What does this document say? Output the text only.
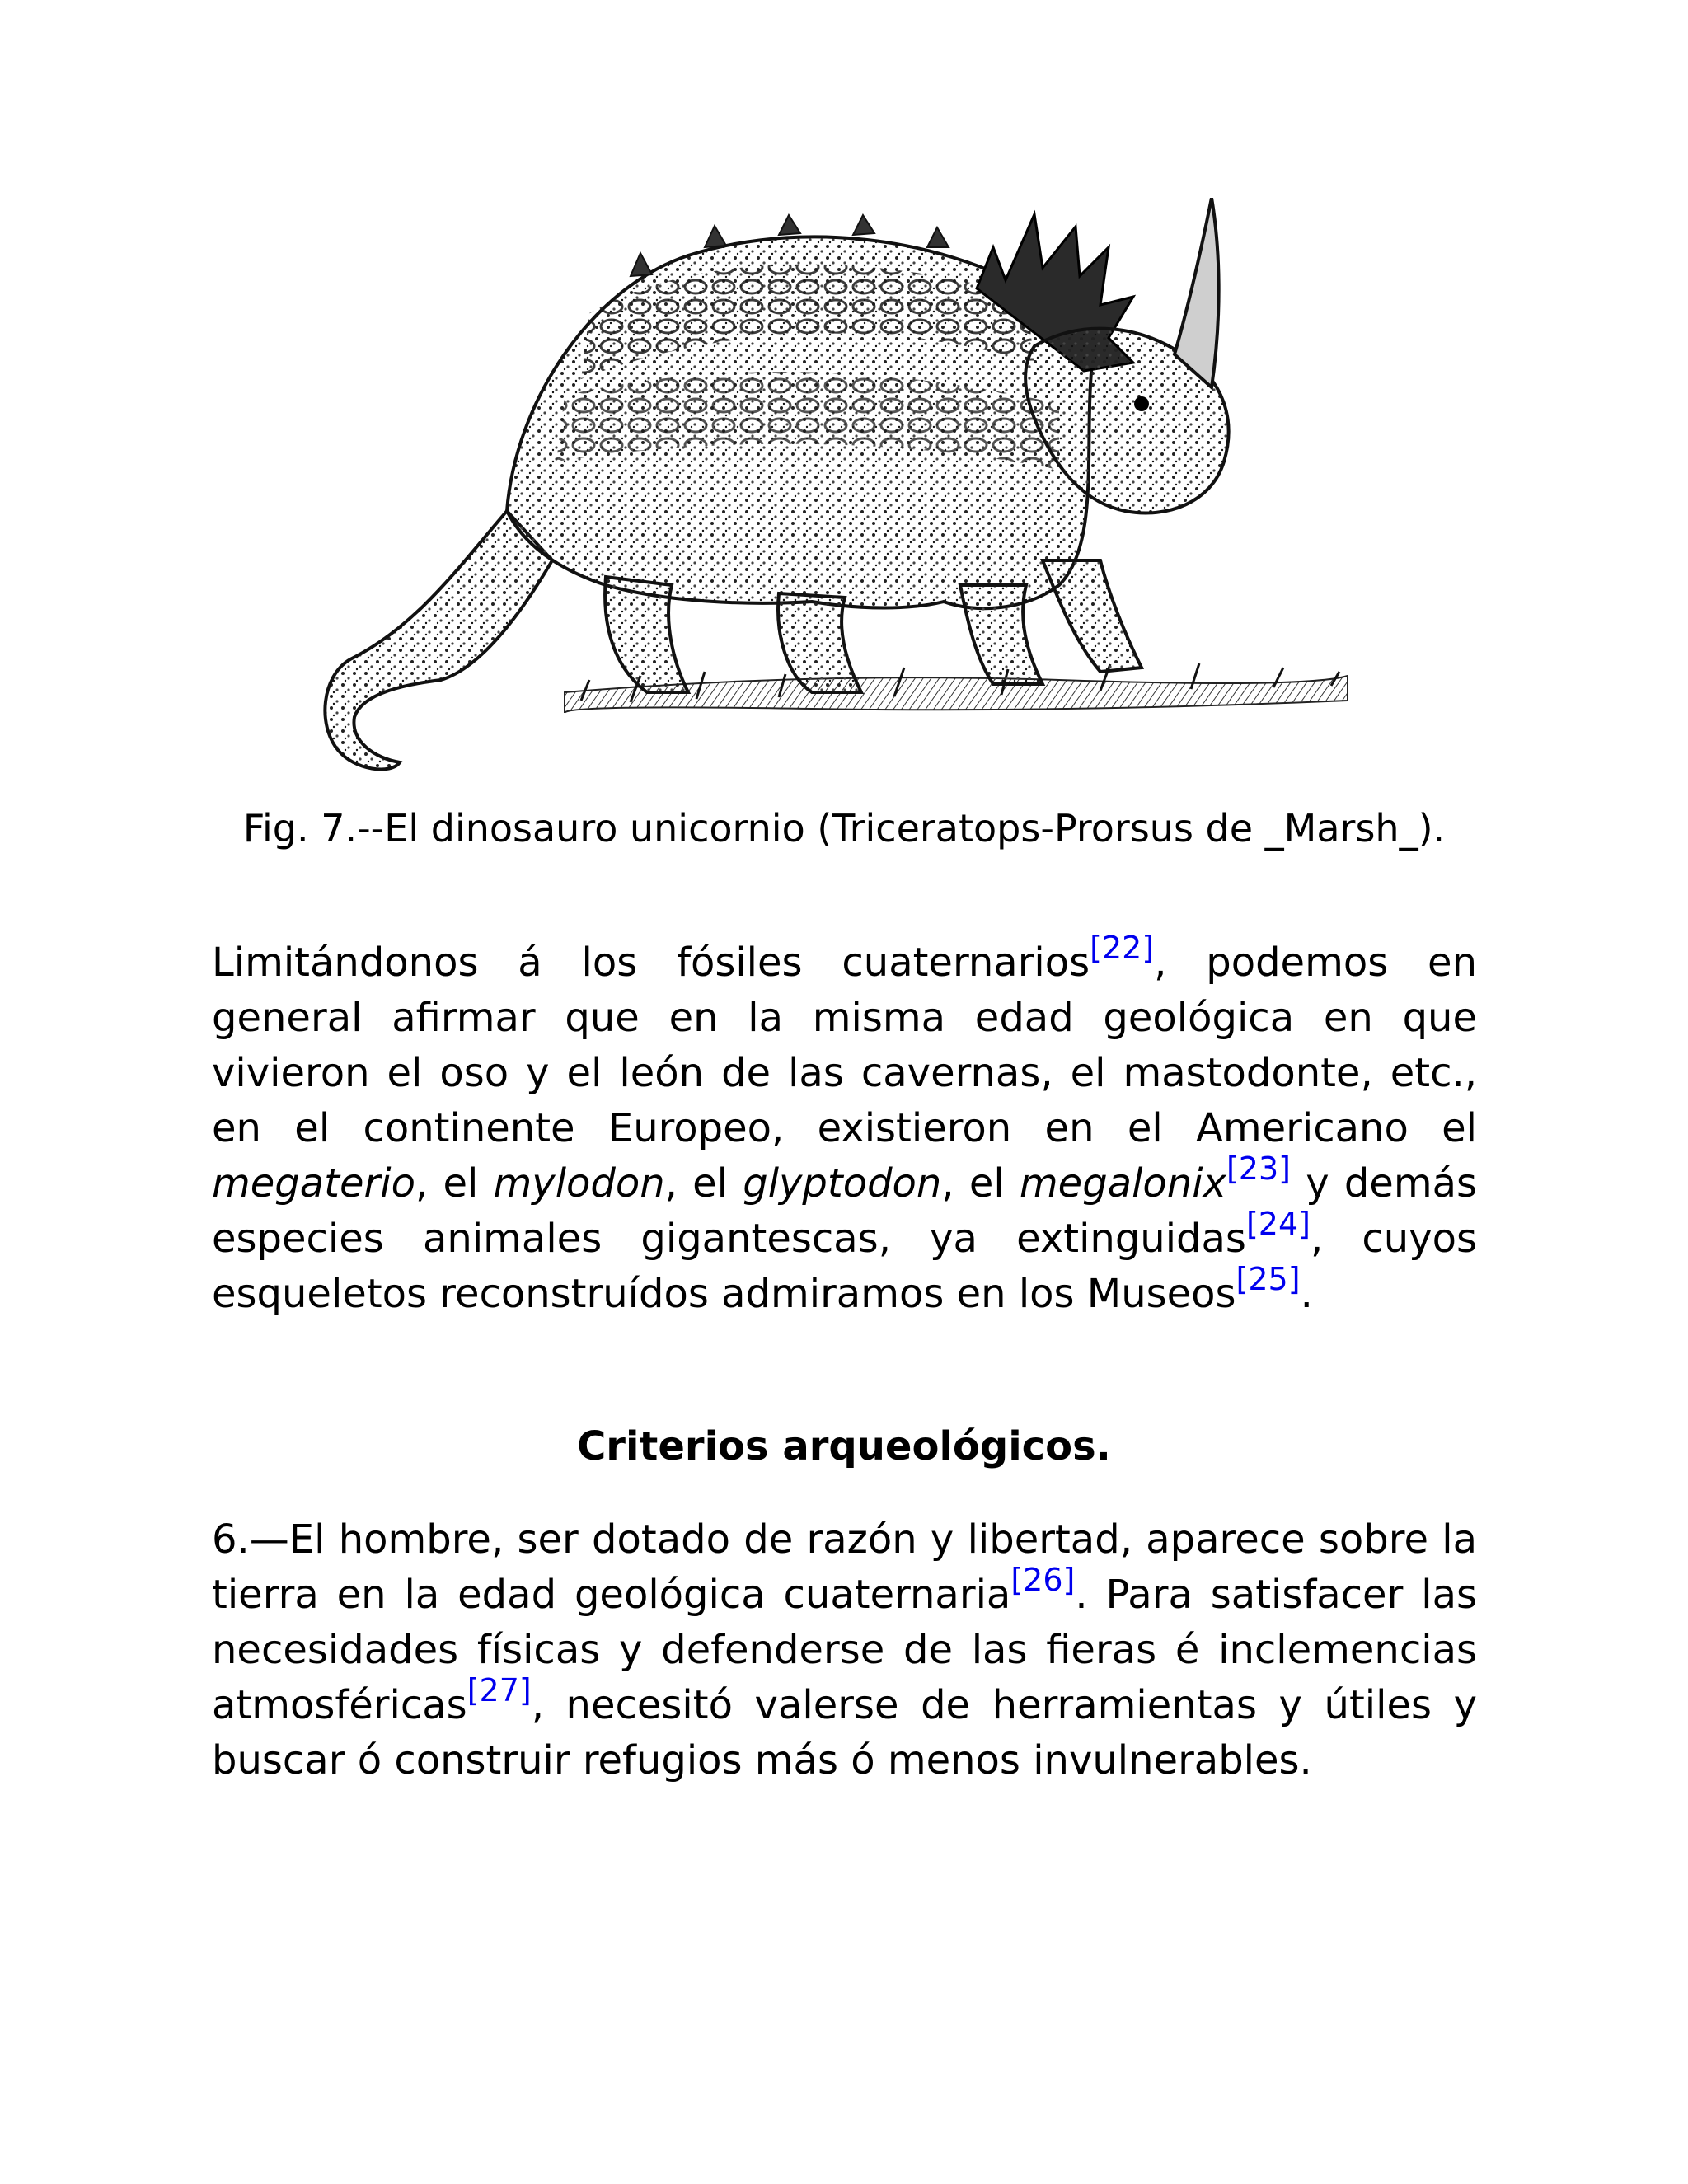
Fig. 7.--El dinosauro unicornio (Triceratops-Prorsus de _Marsh_).

Limitándonos á los fósiles cuaternarios[22], podemos en general afirmar que en la misma edad geológica en que vivieron el oso y el león de las cavernas, el mastodonte, etc., en el continente Europeo, existieron en el Americano el megaterio, el mylodon, el glyptodon, el megalonix[23] y demás especies animales gigantescas, ya extinguidas[24], cuyos esqueletos reconstruídos admiramos en los Museos[25].

Criterios arqueológicos.

6.—El hombre, ser dotado de razón y libertad, aparece sobre la tierra en la edad geológica cuaternaria[26]. Para satisfacer las necesidades físicas y defenderse de las fieras é inclemencias atmosféricas[27], necesitó valerse de herramientas y útiles y buscar ó construir refugios más ó menos invulnerables.
